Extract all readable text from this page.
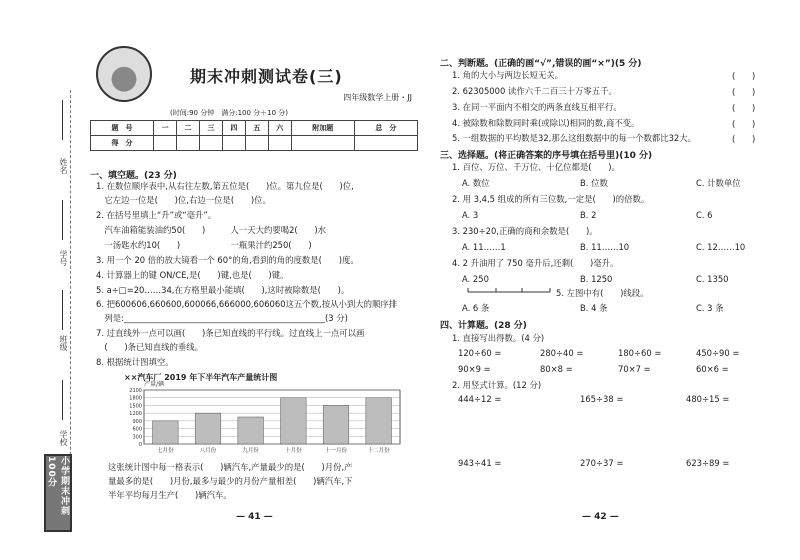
姓名
学号
班级
学校
小学期末冲刺100分
期末冲刺测试卷(三)
四年级数学上册・JJ
(时间:90 分钟　满分:100 分＋10 分)
题　号	一	二	三	四	五	六	附加题	总　分
得　分								
一、填空题。(23 分)
1. 在数位顺序表中,从右往左数,第五位是(　　)位。第九位是(　　)位,
　它左边一位是(　　)位,右边一位是(　　)位。
2. 在括号里填上“升”或“毫升”。
　汽车油箱能装油约50(　　)　　　人一天大约要喝2(　　)水
　一汤匙水约10(　　)　　　　　　一瓶果汁约250(　　)
3. 用一个 20 倍的放大镜看一个 60°的角,看到的角的度数是(　　)度。
4. 计算器上的键 ON/CE,是(　　)键,也是(　　)键。
5. a÷□=20……34,在方格里最小能填(　　),这时被除数是(　　)。
6. 把600606,660600,600066,666000,606060这五个数,按从小到大的顺序排
　列是:________________________________________________(3 分)
7. 过直线外一点可以画(　　)条已知直线的平行线。过直线上一点可以画
　(　　)条已知直线的垂线。
8. 根据统计图填空。
××汽车厂 2019 年下半年汽车产量统计图
2100
1800
1500
1200
900
600
300
0
七月份	八月份	九月份	十月份	十一月份	十二月份
产量/辆
这张统计图中每一格表示(　　)辆汽车,产量最少的是(　　)月份,产
量最多的是(　　)月份,最多与最少的月份产量相差(　　)辆汽车,下
半年平均每月生产(　　)辆汽车。
— 41 —
二、判断题。(正确的画“√”,错误的画“×”)(5 分)
1. 角的大小与两边长短无关。	(　　)
2. 62305000 读作六千二百三十万零五千。	(　　)
3. 在同一平面内不相交的两条直线互相平行。	(　　)
4. 被除数和除数同时乘(或除以)相同的数,商不变。	(　　)
5. 一组数据的平均数是32,那么这组数据中的每一个数都比32大。	(　　)
三、选择题。(将正确答案的序号填在括号里)(10 分)
1. 百位、万位、千万位、十亿位都是(　　)。
A. 数位	B. 位数	C. 计数单位
2. 用 3,4,5 组成的所有三位数,一定是(　　)的倍数。
A. 3	B. 2	C. 6
3. 230÷20,正确的商和余数是(　　)。
A. 11……1	B. 11……10	C. 12……10
4. 2 升油用了 750 毫升后,还剩(　　)毫升。
A. 250	B. 1250	C. 1350
5. 左图中有(　　)线段。
A. 6 条	B. 4 条	C. 3 条
四、计算题。(28 分)
1. 直接写出得数。(4 分)
120÷60 =	280÷40 =	180÷60 =	450÷90 =
90×9 =	80×8 =	70×7 =	60×6 =
2. 用竖式计算。(12 分)
444÷12 =	165÷38 =	480÷15 =
943÷41 =	270÷37 =	623÷89 =
— 42 —
